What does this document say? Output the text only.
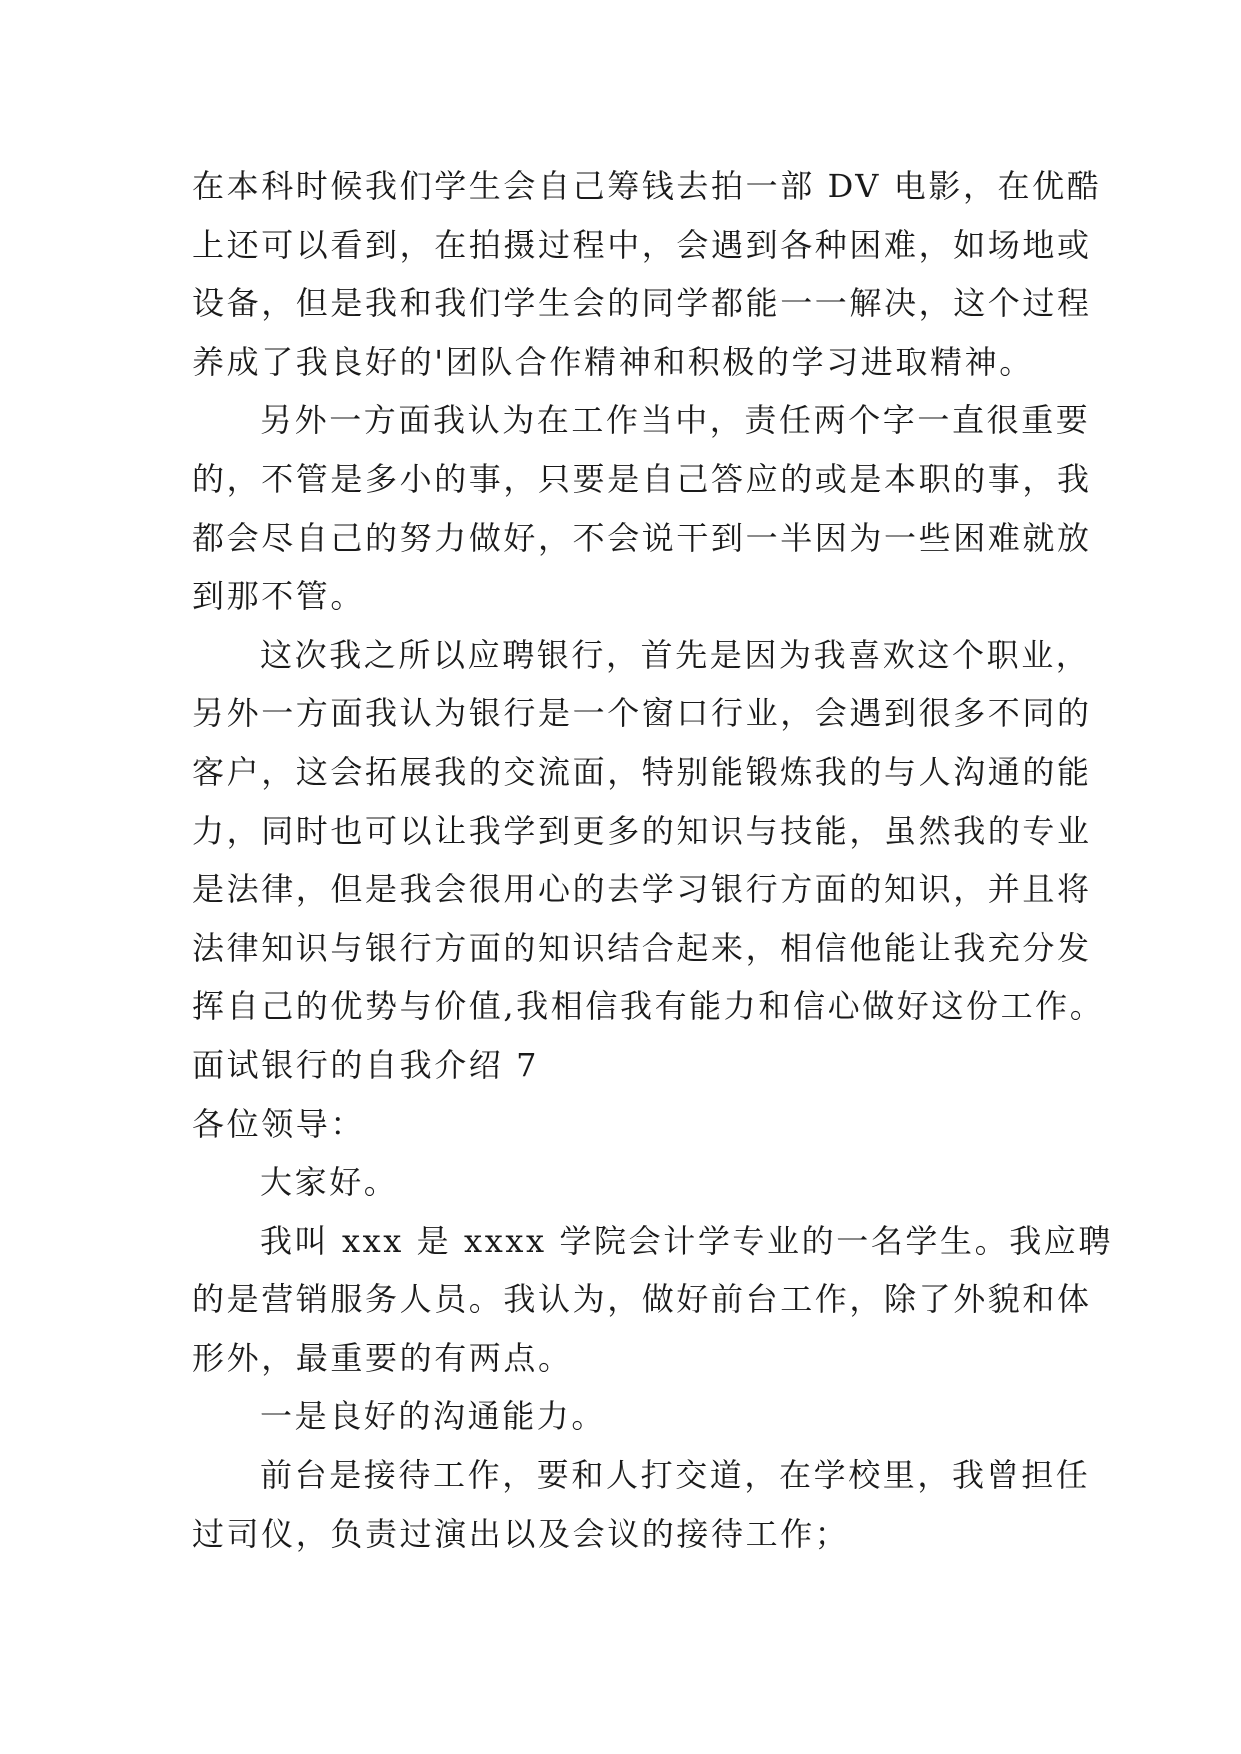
在本科时候我们学生会自己筹钱去拍一部 DV 电影，在优酷
上还可以看到，在拍摄过程中，会遇到各种困难，如场地或
设备，但是我和我们学生会的同学都能一一解决，这个过程
养成了我良好的'团队合作精神和积极的学习进取精神。
另外一方面我认为在工作当中，责任两个字一直很重要
的，不管是多小的事，只要是自己答应的或是本职的事，我
都会尽自己的努力做好，不会说干到一半因为一些困难就放
到那不管。
这次我之所以应聘银行，首先是因为我喜欢这个职业，
另外一方面我认为银行是一个窗口行业，会遇到很多不同的
客户，这会拓展我的交流面，特别能锻炼我的与人沟通的能
力，同时也可以让我学到更多的知识与技能，虽然我的专业
是法律，但是我会很用心的去学习银行方面的知识，并且将
法律知识与银行方面的知识结合起来，相信他能让我充分发
挥自己的优势与价值,我相信我有能力和信心做好这份工作。
面试银行的自我介绍 7
各位领导：
大家好。
我叫 xxx 是 xxxx 学院会计学专业的一名学生。我应聘
的是营销服务人员。我认为，做好前台工作，除了外貌和体
形外，最重要的有两点。
一是良好的沟通能力。
前台是接待工作，要和人打交道，在学校里，我曾担任
过司仪，负责过演出以及会议的接待工作；
